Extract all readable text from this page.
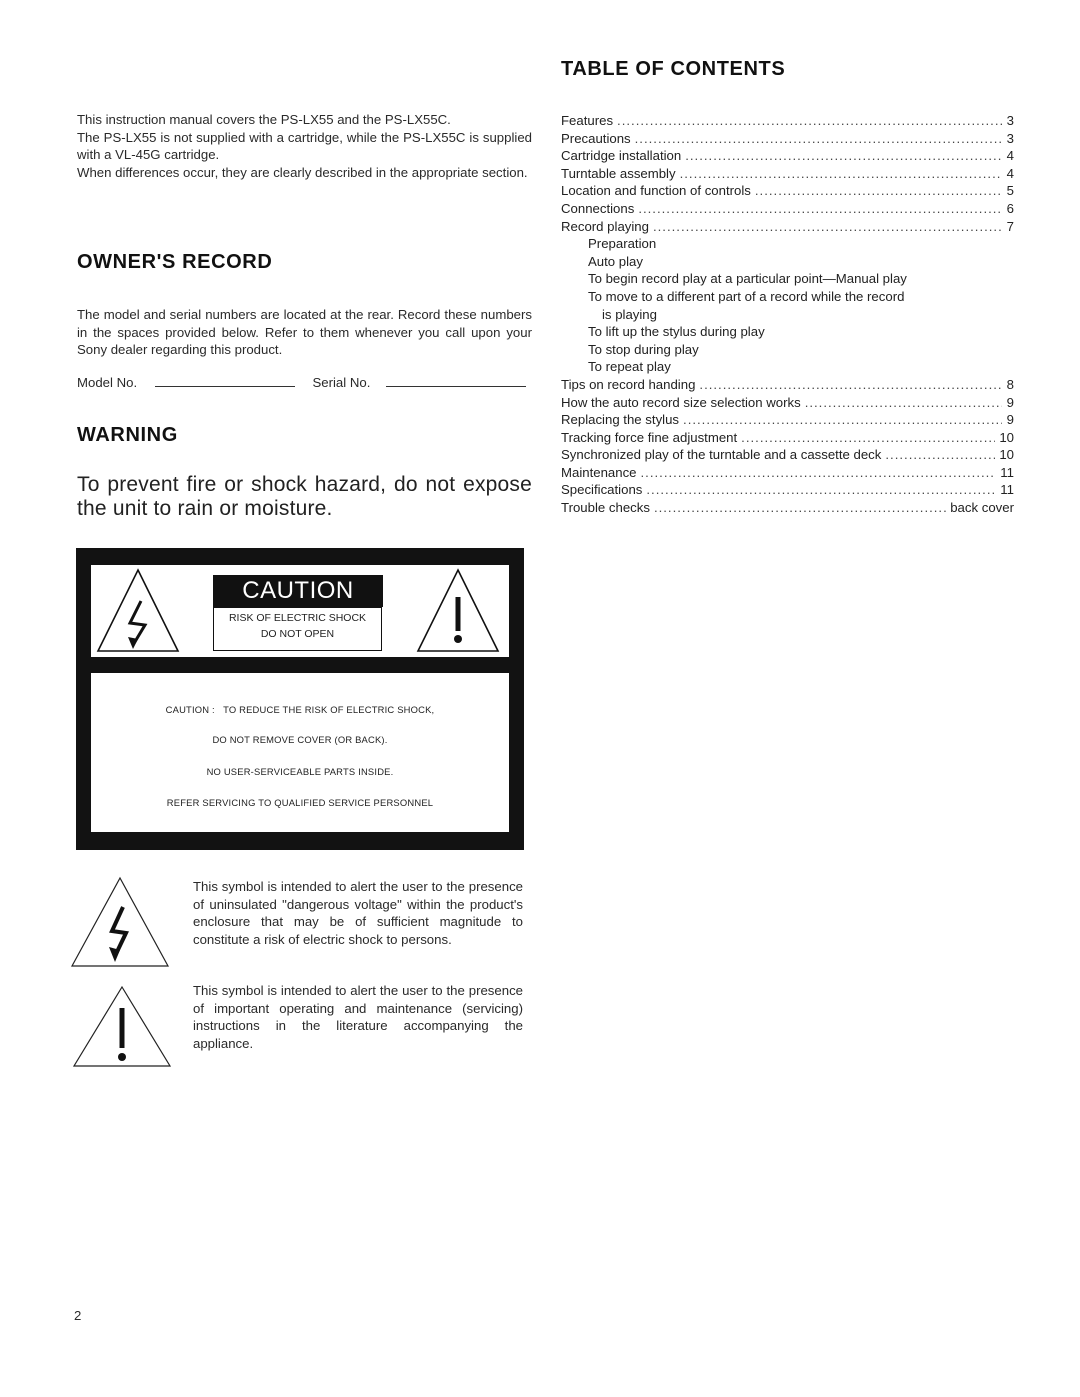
This instruction manual covers the PS-LX55 and the PS-LX55C.

The PS-LX55 is not supplied with a cartridge, while the PS-LX55C is supplied with a VL-45G cartridge.

When differences occur, they are clearly described in the appropriate section.

OWNER'S RECORD

The model and serial numbers are located at the rear. Record these numbers in the spaces provided below. Refer to them whenever you call upon your Sony dealer regarding this product.

Model No.	Serial No.
WARNING
To prevent fire or shock hazard, do not expose the unit to rain or moisture.
CAUTION
RISK OF ELECTRIC SHOCK
DO NOT OPEN
CAUTION :   TO REDUCE THE RISK OF ELECTRIC SHOCK,
DO NOT REMOVE COVER (OR BACK).
NO USER-SERVICEABLE PARTS INSIDE.
REFER SERVICING TO QUALIFIED SERVICE PERSONNEL

This symbol is intended to alert the user to the presence of uninsulated "dangerous voltage" within the product's enclosure that may be of sufficient magnitude to constitute a risk of electric shock to persons.

This symbol is intended to alert the user to the presence of important operating and maintenance (servicing) instructions in the literature accompanying the appliance.

2
TABLE OF CONTENTS
Features .....	3
Precautions .....	3
Cartridge installation .....	4
Turntable assembly .....	4
Location and function of controls .....	5
Connections .....	6
Record playing .....	7
Preparation
Auto play
To begin record play at a particular point—Manual play
To move to a different part of a record while the record
is playing
To lift up the stylus during play
To stop during play
To repeat play
Tips on record handing .....	8
How the auto record size selection works .....	9
Replacing the stylus .....	9
Tracking force fine adjustment .....	10
Synchronized play of the turntable and a cassette deck .....	10
Maintenance .....	11
Specifications .....	11
Trouble checks .....	back cover
